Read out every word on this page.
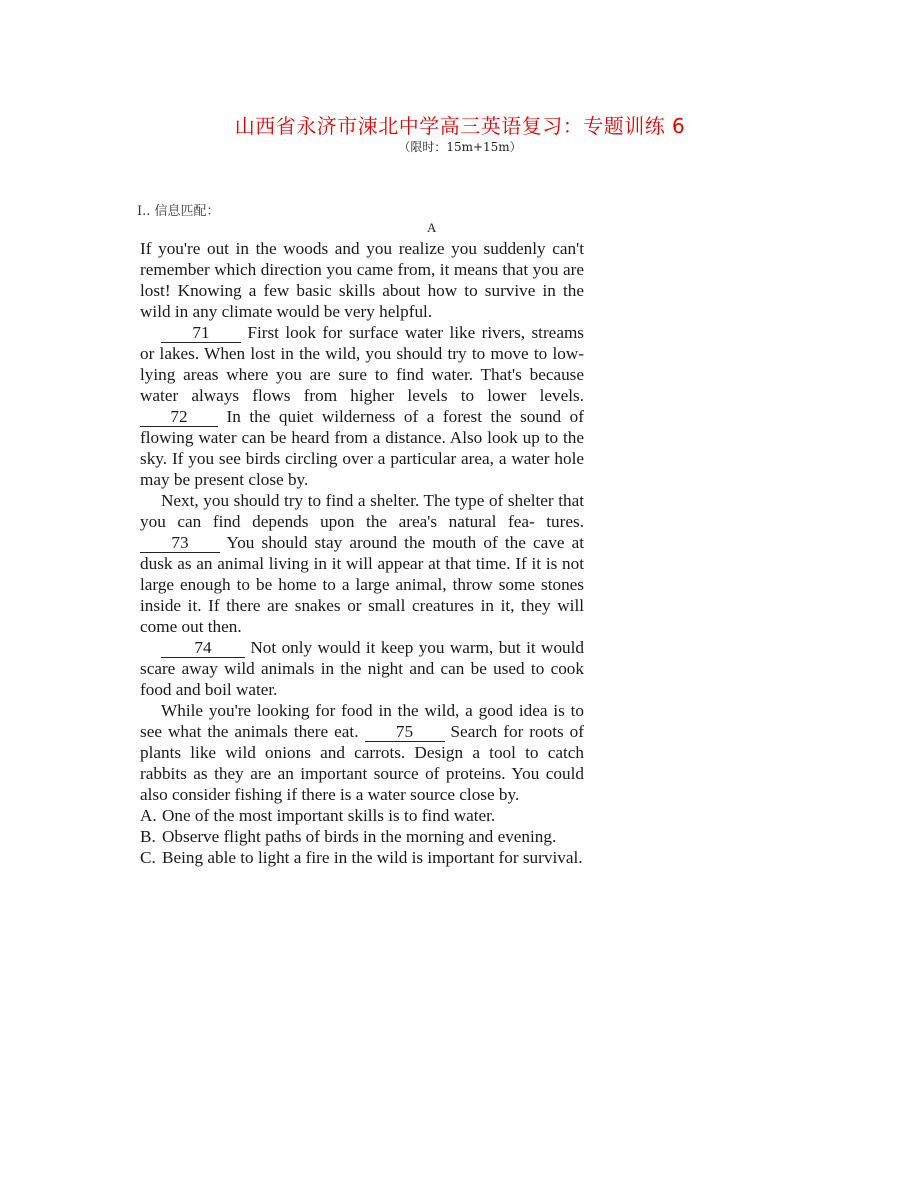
山西省永济市涑北中学高三英语复习：专题训练 6
（限时：15m+15m）
I.. 信息匹配：
A

If you're out in the woods and you realize you suddenly can't remember which direction you came from, it means that you are lost! Knowing a few basic skills about how to survive in the wild in any climate would be very helpful.

71 First look for surface water like rivers, streams or lakes. When lost in the wild, you should try to move to low-lying areas where you are sure to find water. That's because water always flows from higher levels to lower levels. 72 In the quiet wilderness of a forest the sound of flowing water can be heard from a distance. Also look up to the sky. If you see birds circling over a particular area, a water hole may be present close by.

Next, you should try to find a shelter. The type of shelter that you can find depends upon the area's natural fea- tures. 73 You should stay around the mouth of the cave at dusk as an animal living in it will appear at that time. If it is not large enough to be home to a large animal, throw some stones inside it. If there are snakes or small creatures in it, they will come out then.

74 Not only would it keep you warm, but it would scare away wild animals in the night and can be used to cook food and boil water.

While you're looking for food in the wild, a good idea is to see what the animals there eat. 75 Search for roots of plants like wild onions and carrots. Design a tool to catch rabbits as they are an important source of proteins. You could also consider fishing if there is a water source close by.

A. One of the most important skills is to find water.
B. Observe flight paths of birds in the morning and evening.
C. Being able to light a fire in the wild is important for survival.
